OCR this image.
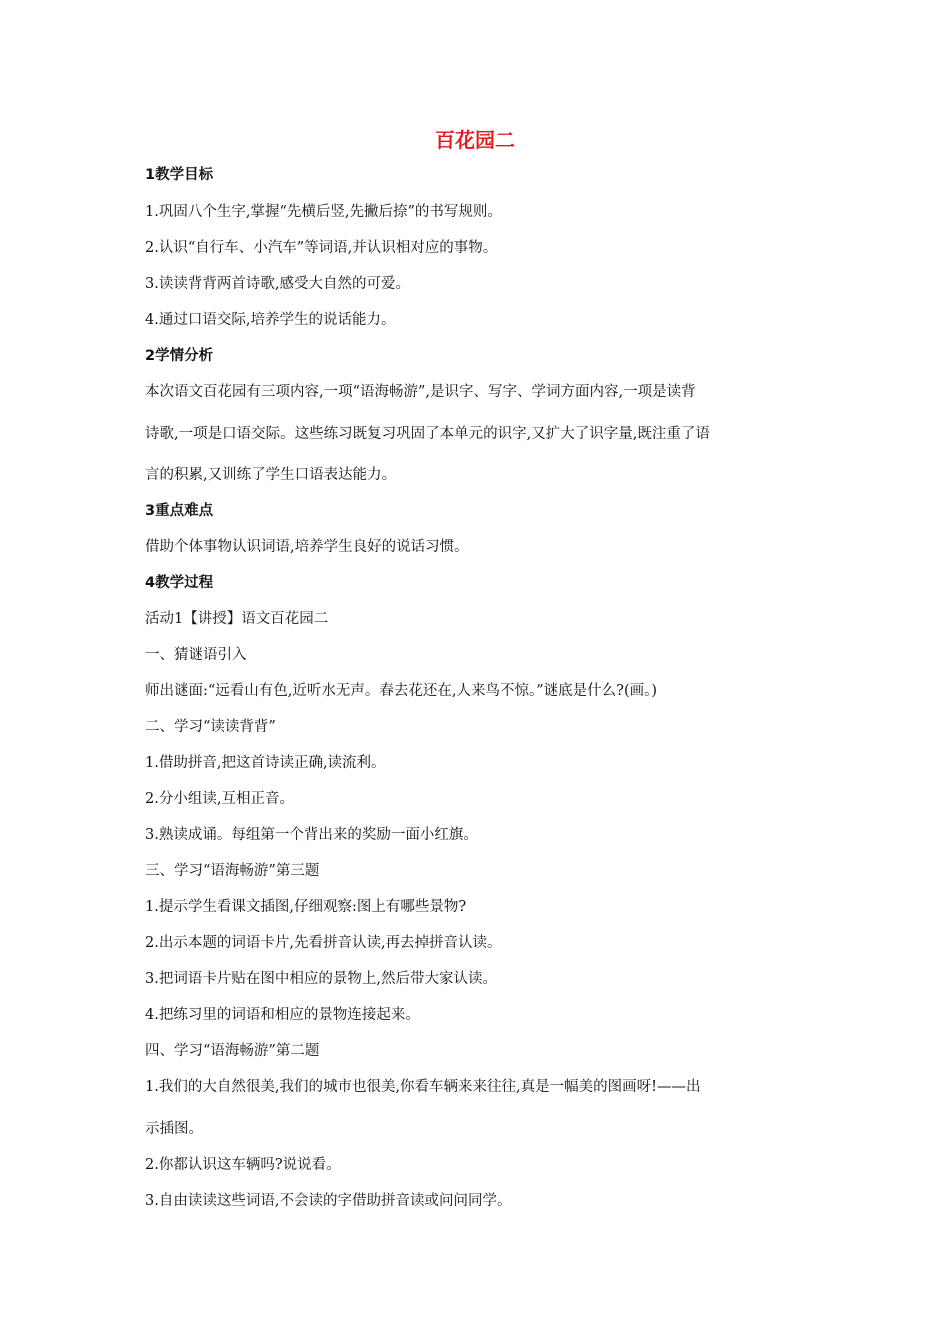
百花园二
1教学目标
1.巩固八个生字,掌握“先横后竖,先撇后捺”的书写规则。
2.认识“自行车、小汽车”等词语,并认识相对应的事物。
3.读读背背两首诗歌,感受大自然的可爱。
4.通过口语交际,培养学生的说话能力。
2学情分析
本次语文百花园有三项内容,一项“语海畅游”,是识字、写字、学词方面内容,一项是读背
诗歌,一项是口语交际。这些练习既复习巩固了本单元的识字,又扩大了识字量,既注重了语
言的积累,又训练了学生口语表达能力。
3重点难点
借助个体事物认识词语,培养学生良好的说话习惯。
4教学过程
活动1【讲授】语文百花园二
一、猜谜语引入
师出谜面:“远看山有色,近听水无声。春去花还在,人来鸟不惊。”谜底是什么?(画。)
二、学习“读读背背”
1.借助拼音,把这首诗读正确,读流利。
2.分小组读,互相正音。
3.熟读成诵。每组第一个背出来的奖励一面小红旗。
三、学习“语海畅游”第三题
1.提示学生看课文插图,仔细观察:图上有哪些景物?
2.出示本题的词语卡片,先看拼音认读,再去掉拼音认读。
3.把词语卡片贴在图中相应的景物上,然后带大家认读。
4.把练习里的词语和相应的景物连接起来。
四、学习“语海畅游”第二题
1.我们的大自然很美,我们的城市也很美,你看车辆来来往往,真是一幅美的图画呀!——出
示插图。
2.你都认识这车辆吗?说说看。
3.自由读读这些词语,不会读的字借助拼音读或问问同学。
